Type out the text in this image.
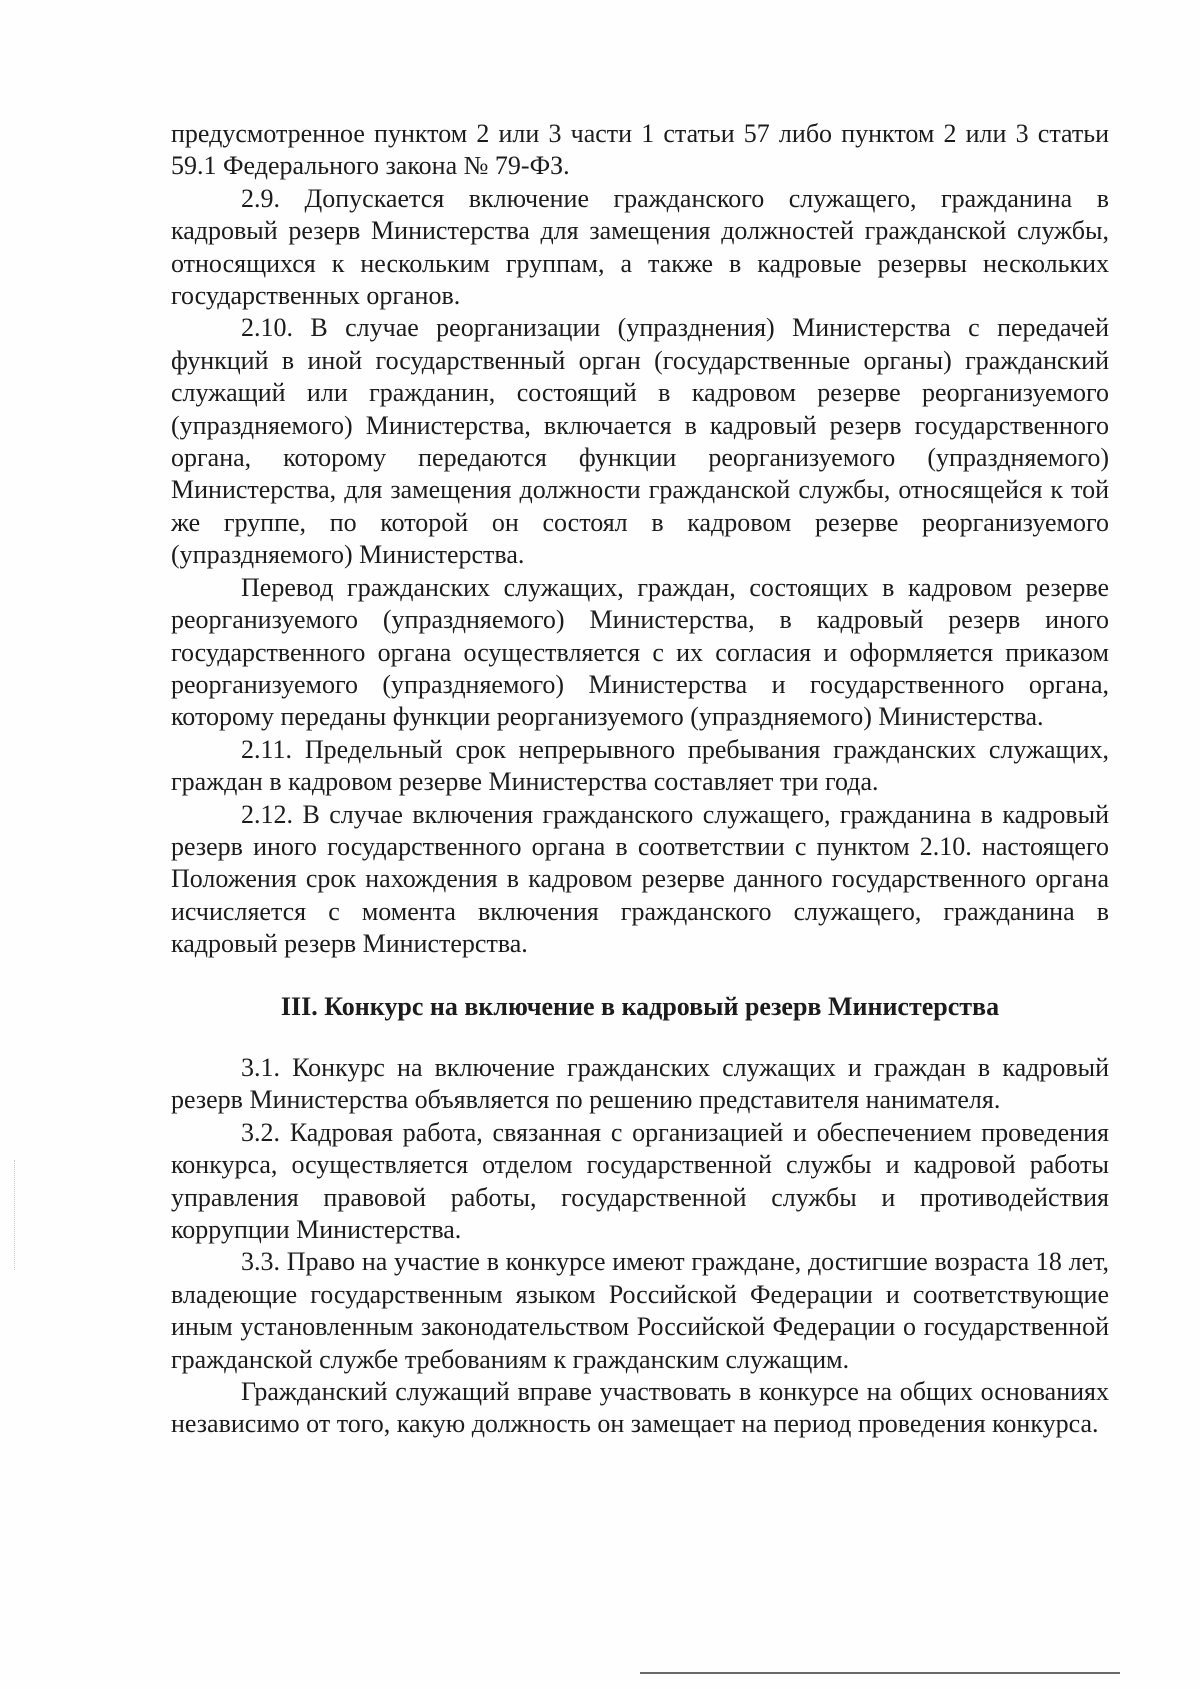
предусмотренное пунктом 2 или 3 части 1 статьи 57 либо пунктом 2 или 3 статьи 59.1 Федерального закона № 79-ФЗ.

2.9. Допускается включение гражданского служащего, гражданина в кадровый резерв Министерства для замещения должностей гражданской службы, относящихся к нескольким группам, а также в кадровые резервы нескольких государственных органов.

2.10. В случае реорганизации (упразднения) Министерства с передачей функций в иной государственный орган (государственные органы) гражданский служащий или гражданин, состоящий в кадровом резерве реорганизуемого (упраздняемого) Министерства, включается в кадровый резерв государственного органа, которому передаются функции реорганизуемого (упраздняемого) Министерства, для замещения должности гражданской службы, относящейся к той же группе, по которой он состоял в кадровом резерве реорганизуемого (упраздняемого) Министерства.

Перевод гражданских служащих, граждан, состоящих в кадровом резерве реорганизуемого (упраздняемого) Министерства, в кадровый резерв иного государственного органа осуществляется с их согласия и оформляется приказом реорганизуемого (упраздняемого) Министерства и государственного органа, которому переданы функции реорганизуемого (упраздняемого) Министерства.

2.11. Предельный срок непрерывного пребывания гражданских служащих, граждан в кадровом резерве Министерства составляет три года.

2.12. В случае включения гражданского служащего, гражданина в кадровый резерв иного государственного органа в соответствии с пунктом 2.10. настоящего Положения срок нахождения в кадровом резерве данного государственного органа исчисляется с момента включения гражданского служащего, гражданина в кадровый резерв Министерства.

III. Конкурс на включение в кадровый резерв Министерства

3.1. Конкурс на включение гражданских служащих и граждан в кадровый резерв Министерства объявляется по решению представителя нанимателя.

3.2. Кадровая работа, связанная с организацией и обеспечением проведения конкурса, осуществляется отделом государственной службы и кадровой работы управления правовой работы, государственной службы и противодействия коррупции Министерства.

3.3. Право на участие в конкурсе имеют граждане, достигшие возраста 18 лет, владеющие государственным языком Российской Федерации и соответствующие иным установленным законодательством Российской Федерации о государственной гражданской службе требованиям к гражданским служащим.

Гражданский служащий вправе участвовать в конкурсе на общих основаниях независимо от того, какую должность он замещает на период проведения конкурса.
